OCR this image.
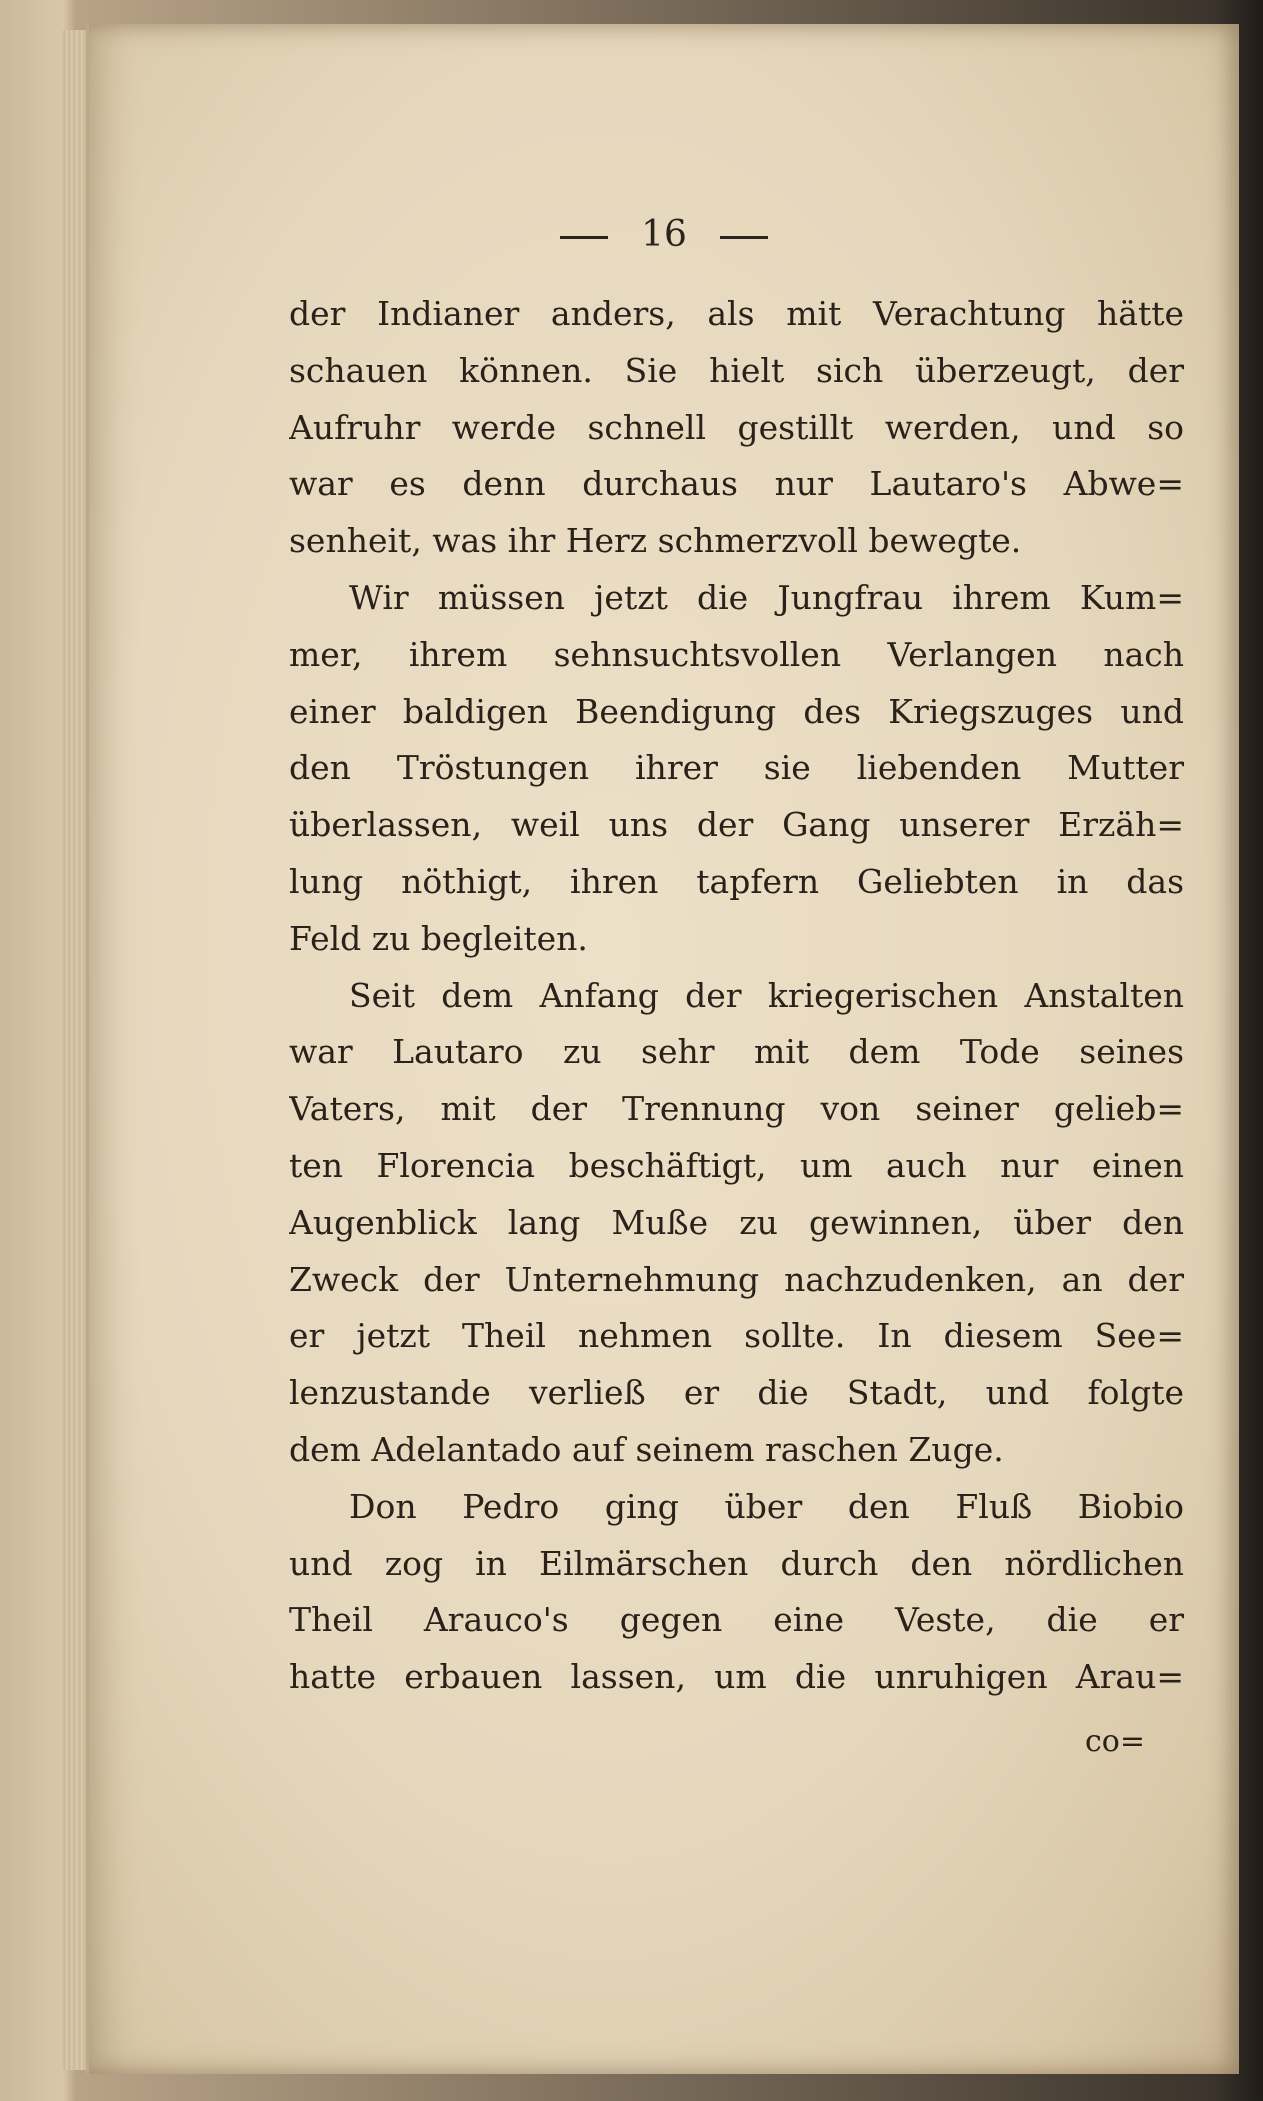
16
der Indianer anders, als mit Verachtung hätte
schauen können. Sie hielt sich überzeugt, der
Aufruhr werde schnell gestillt werden, und so
war es denn durchaus nur Lautaro's Abwe=
senheit, was ihr Herz schmerzvoll bewegte.
Wir müssen jetzt die Jungfrau ihrem Kum=
mer, ihrem sehnsuchtsvollen Verlangen nach
einer baldigen Beendigung des Kriegszuges und
den Tröstungen ihrer sie liebenden Mutter
überlassen, weil uns der Gang unserer Erzäh=
lung nöthigt, ihren tapfern Geliebten in das
Feld zu begleiten.
Seit dem Anfang der kriegerischen Anstalten
war Lautaro zu sehr mit dem Tode seines
Vaters, mit der Trennung von seiner gelieb=
ten Florencia beschäftigt, um auch nur einen
Augenblick lang Muße zu gewinnen, über den
Zweck der Unternehmung nachzudenken, an der
er jetzt Theil nehmen sollte. In diesem See=
lenzustande verließ er die Stadt, und folgte
dem Adelantado auf seinem raschen Zuge.
Don Pedro ging über den Fluß Biobio
und zog in Eilmärschen durch den nördlichen
Theil Arauco's gegen eine Veste, die er
hatte erbauen lassen, um die unruhigen Arau=
co=
